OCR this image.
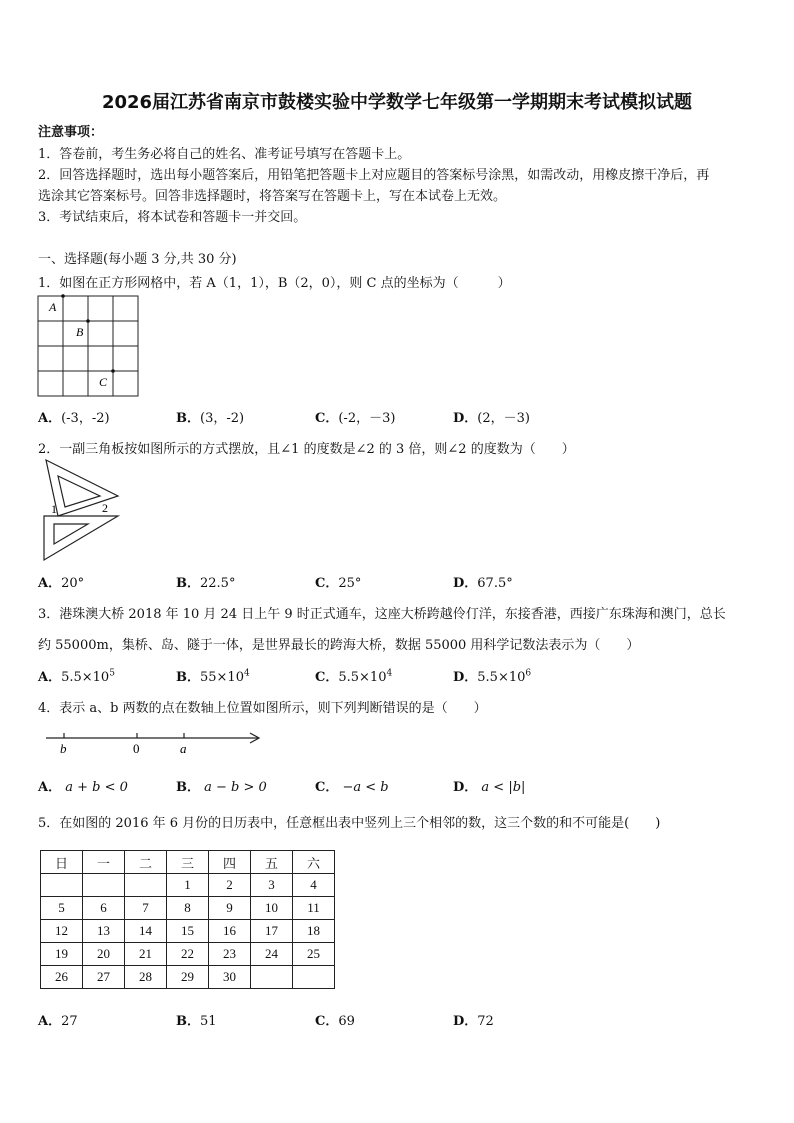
2026届江苏省南京市鼓楼实验中学数学七年级第一学期期末考试模拟试题
注意事项：
1．答卷前，考生务必将自己的姓名、准考证号填写在答题卡上。
2．回答选择题时，选出每小题答案后，用铅笔把答题卡上对应题目的答案标号涂黑，如需改动，用橡皮擦干净后，再
选涂其它答案标号。回答非选择题时，将答案写在答题卡上，写在本试卷上无效。
3．考试结束后，将本试卷和答题卡一并交回。
一、选择题(每小题 3 分,共 30 分)
1．如图在正方形网格中，若 A（1，1），B（2，0），则 C 点的坐标为（　　　）
A
B
C
A．(-3，-2)	B．(3，-2)	C．(-2，－3)	D．(2，－3)
2．一副三角板按如图所示的方式摆放，且∠1 的度数是∠2 的 3 倍，则∠2 的度数为（　　）
1	2
A．20°	B．22.5°	C．25°	D．67.5°
3．港珠澳大桥 2018 年 10 月 24 日上午 9 时正式通车，这座大桥跨越伶仃洋，东接香港，西接广东珠海和澳门，总长
约 55000m，集桥、岛、隧于一体，是世界最长的跨海大桥，数据 55000 用科学记数法表示为（　　）
A．$5.5\times 10^5$	B．$55\times 10^4$	C．$5.5\times 10^4$	D．$5.5\times 10^6$
4．表示 a、b 两数的点在数轴上位置如图所示，则下列判断错误的是（　　）
b	0	a
A． a + b < 0	B． a − b > 0	C． −a < b	D． a < |b|
5．在如图的 2016 年 6 月份的日历表中，任意框出表中竖列上三个相邻的数，这三个数的和不可能是(　　)
日	一	二	三	四	五	六
			1	2	3	4
5	6	7	8	9	10	11
12	13	14	15	16	17	18
19	20	21	22	23	24	25
26	27	28	29	30		
A．27	B．51	C．69	D．72
